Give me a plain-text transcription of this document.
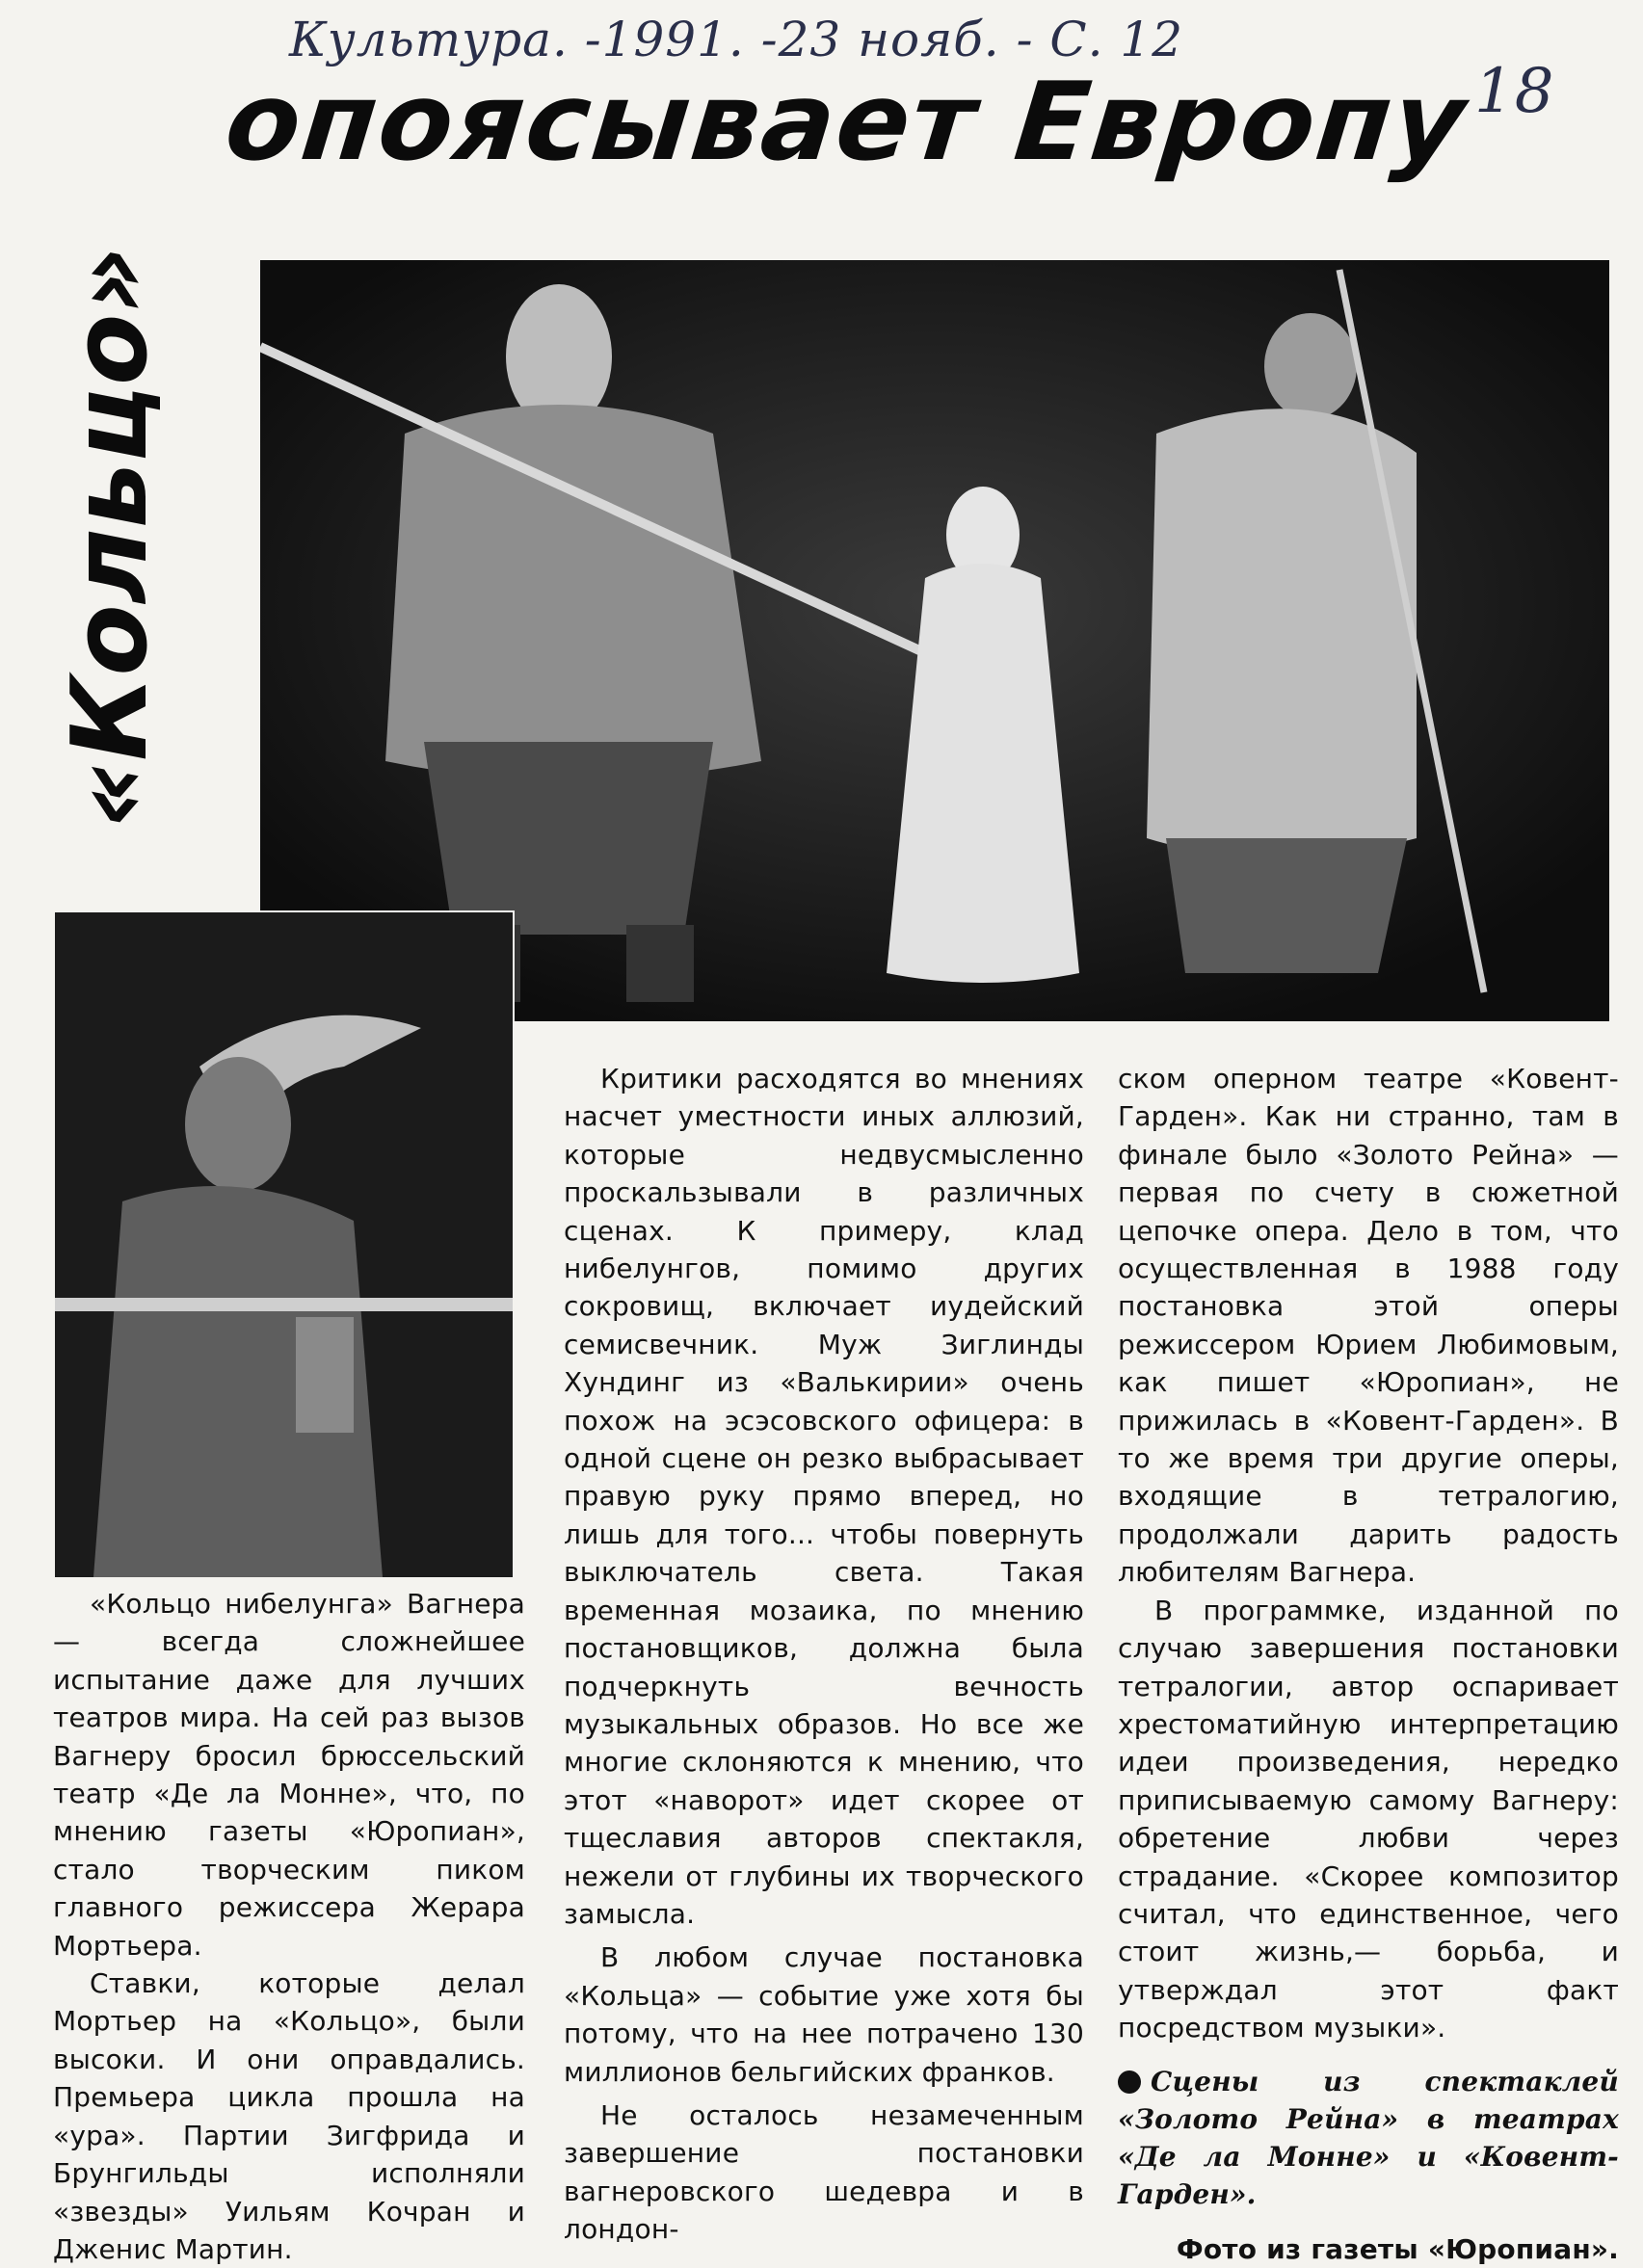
Культура. -1991. -23 нояб. - С. 12
18
опоясывает Европу
«Кольцо»

«Кольцо нибелунга» Вагнера — всегда сложнейшее испытание даже для лучших театров мира. На сей раз вызов Вагнеру бросил брюссельский театр «Де ла Монне», что, по мнению газеты «Юропиан», стало творческим пиком главного режиссера Жерара Мортьера.

Ставки, которые делал Мортьер на «Кольцо», были высоки. И они оправдались. Премьера цикла прошла на «ура». Партии Зигфрида и Брунгильды исполняли «звезды» Уильям Кочран и Дженис Мартин.

Критики расходятся во мнениях насчет уместности иных аллюзий, которые недвусмысленно проскальзывали в различных сценах. К примеру, клад нибелунгов, помимо других сокровищ, включает иудейский семисвечник. Муж Зиглинды Хундинг из «Валькирии» очень похож на эсэсовского офицера: в одной сцене он резко выбрасывает правую руку прямо вперед, но лишь для того... чтобы повернуть выключатель света. Такая временная мозаика, по мнению постановщиков, должна была подчеркнуть вечность музыкальных образов. Но все же многие склоняются к мнению, что этот «наворот» идет скорее от тщеславия авторов спектакля, нежели от глубины их творческого замысла.

В любом случае постановка «Кольца» — событие уже хотя бы потому, что на нее потрачено 130 миллионов бельгийских франков.

Не осталось незамеченным завершение постановки вагнеровского шедевра и в лондон-

ском оперном театре «Ковент-Гарден». Как ни странно, там в финале было «Золото Рейна» — первая по счету в сюжетной цепочке опера. Дело в том, что осуществленная в 1988 году постановка этой оперы режиссером Юрием Любимовым, как пишет «Юропиан», не прижилась в «Ковент-Гарден». В то же время три другие оперы, входящие в тетралогию, продолжали дарить радость любителям Вагнера.

В программке, изданной по случаю завершения постановки тетралогии, автор оспаривает хрестоматийную интерпретацию идеи произведения, нередко приписываемую самому Вагнеру: обретение любви через страдание. «Скорее композитор считал, что единственное, чего стоит жизнь,— борьба, и утверждал этот факт посредством музыки».

Сцены из спектаклей «Золото Рейна» в театрах «Де ла Монне» и «Ковент-Гарден».

Фото из газеты «Юропиан».
